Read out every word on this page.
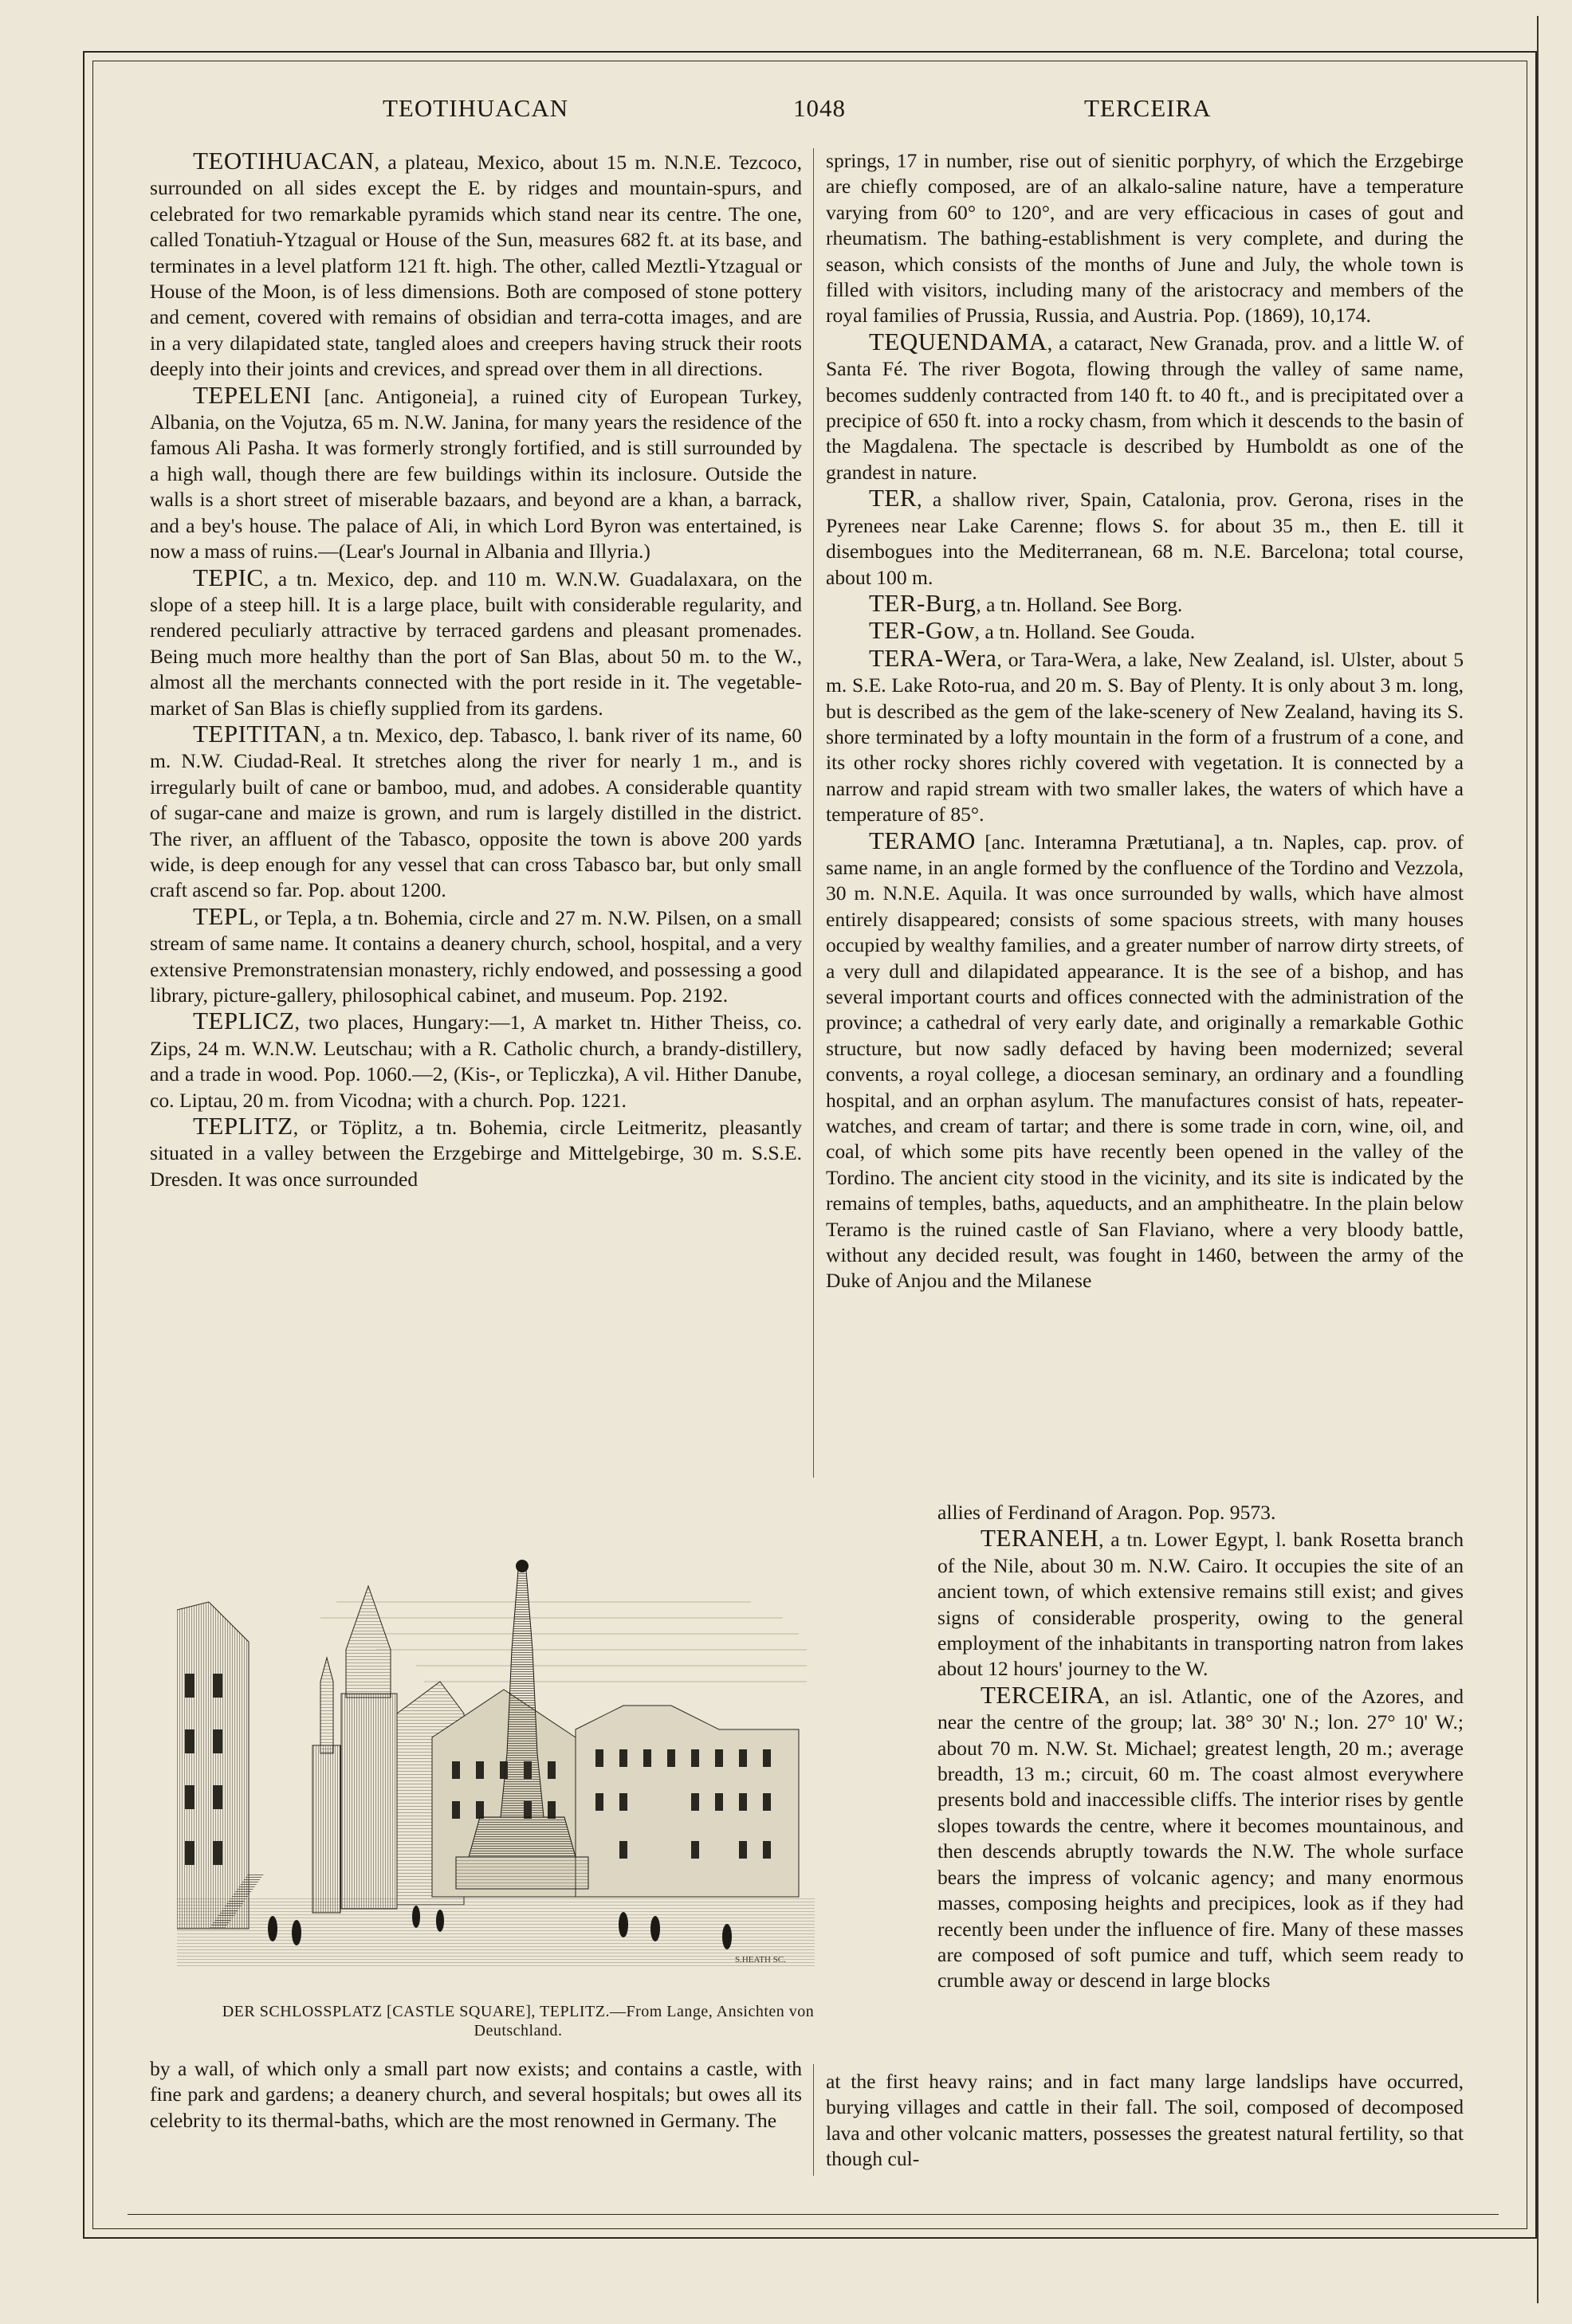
TEOTIHUACAN	1048	TERCEIRA

TEOTIHUACAN, a plateau, Mexico, about 15 m. N.N.E. Tezcoco, surrounded on all sides except the E. by ridges and mountain-spurs, and celebrated for two remarkable pyramids which stand near its centre. The one, called Tonatiuh-Ytzagual or House of the Sun, measures 682 ft. at its base, and terminates in a level platform 121 ft. high. The other, called Meztli-Ytzagual or House of the Moon, is of less dimensions. Both are composed of stone pottery and cement, covered with remains of obsidian and terra-cotta images, and are in a very dilapidated state, tangled aloes and creepers having struck their roots deeply into their joints and crevices, and spread over them in all directions.

TEPELENI [anc. Antigoneia], a ruined city of European Turkey, Albania, on the Vojutza, 65 m. N.W. Janina, for many years the residence of the famous Ali Pasha. It was formerly strongly fortified, and is still surrounded by a high wall, though there are few buildings within its inclosure. Outside the walls is a short street of miserable bazaars, and beyond are a khan, a barrack, and a bey's house. The palace of Ali, in which Lord Byron was entertained, is now a mass of ruins.—(Lear's Journal in Albania and Illyria.)

TEPIC, a tn. Mexico, dep. and 110 m. W.N.W. Guadalaxara, on the slope of a steep hill. It is a large place, built with considerable regularity, and rendered peculiarly attractive by terraced gardens and pleasant promenades. Being much more healthy than the port of San Blas, about 50 m. to the W., almost all the merchants connected with the port reside in it. The vegetable-market of San Blas is chiefly supplied from its gardens.

TEPITITAN, a tn. Mexico, dep. Tabasco, l. bank river of its name, 60 m. N.W. Ciudad-Real. It stretches along the river for nearly 1 m., and is irregularly built of cane or bamboo, mud, and adobes. A considerable quantity of sugar-cane and maize is grown, and rum is largely distilled in the district. The river, an affluent of the Tabasco, opposite the town is above 200 yards wide, is deep enough for any vessel that can cross Tabasco bar, but only small craft ascend so far. Pop. about 1200.

TEPL, or Tepla, a tn. Bohemia, circle and 27 m. N.W. Pilsen, on a small stream of same name. It contains a deanery church, school, hospital, and a very extensive Premonstratensian monastery, richly endowed, and possessing a good library, picture-gallery, philosophical cabinet, and museum. Pop. 2192.

TEPLICZ, two places, Hungary:—1, A market tn. Hither Theiss, co. Zips, 24 m. W.N.W. Leutschau; with a R. Catholic church, a brandy-distillery, and a trade in wood. Pop. 1060.—2, (Kis-, or Tepliczka), A vil. Hither Danube, co. Liptau, 20 m. from Vicodna; with a church. Pop. 1221.

TEPLITZ, or Töplitz, a tn. Bohemia, circle Leitmeritz, pleasantly situated in a valley between the Erzgebirge and Mittelgebirge, 30 m. S.S.E. Dresden. It was once surrounded

springs, 17 in number, rise out of sienitic porphyry, of which the Erzgebirge are chiefly composed, are of an alkalo-saline nature, have a temperature varying from 60° to 120°, and are very efficacious in cases of gout and rheumatism. The bathing-establishment is very complete, and during the season, which consists of the months of June and July, the whole town is filled with visitors, including many of the aristocracy and members of the royal families of Prussia, Russia, and Austria. Pop. (1869), 10,174.

TEQUENDAMA, a cataract, New Granada, prov. and a little W. of Santa Fé. The river Bogota, flowing through the valley of same name, becomes suddenly contracted from 140 ft. to 40 ft., and is precipitated over a precipice of 650 ft. into a rocky chasm, from which it descends to the basin of the Magdalena. The spectacle is described by Humboldt as one of the grandest in nature.

TER, a shallow river, Spain, Catalonia, prov. Gerona, rises in the Pyrenees near Lake Carenne; flows S. for about 35 m., then E. till it disembogues into the Mediterranean, 68 m. N.E. Barcelona; total course, about 100 m.

TER-Burg, a tn. Holland. See Borg.

TER-Gow, a tn. Holland. See Gouda.

TERA-Wera, or Tara-Wera, a lake, New Zealand, isl. Ulster, about 5 m. S.E. Lake Roto-rua, and 20 m. S. Bay of Plenty. It is only about 3 m. long, but is described as the gem of the lake-scenery of New Zealand, having its S. shore terminated by a lofty mountain in the form of a frustrum of a cone, and its other rocky shores richly covered with vegetation. It is connected by a narrow and rapid stream with two smaller lakes, the waters of which have a temperature of 85°.

TERAMO [anc. Interamna Prætutiana], a tn. Naples, cap. prov. of same name, in an angle formed by the confluence of the Tordino and Vezzola, 30 m. N.N.E. Aquila. It was once surrounded by walls, which have almost entirely disappeared; consists of some spacious streets, with many houses occupied by wealthy families, and a greater number of narrow dirty streets, of a very dull and dilapidated appearance. It is the see of a bishop, and has several important courts and offices connected with the administration of the province; a cathedral of very early date, and originally a remarkable Gothic structure, but now sadly defaced by having been modernized; several convents, a royal college, a diocesan seminary, an ordinary and a foundling hospital, and an orphan asylum. The manufactures consist of hats, repeater-watches, and cream of tartar; and there is some trade in corn, wine, oil, and coal, of which some pits have recently been opened in the valley of the Tordino. The ancient city stood in the vicinity, and its site is indicated by the remains of temples, baths, aqueducts, and an amphitheatre. In the plain below Teramo is the ruined castle of San Flaviano, where a very bloody battle, without any decided result, was fought in 1460, between the army of the Duke of Anjou and the Milanese

S.HEATH SC.
DER SCHLOSSPLATZ [CASTLE SQUARE], TEPLITZ.—From Lange, Ansichten von Deutschland.

allies of Ferdinand of Aragon. Pop. 9573.

TERANEH, a tn. Lower Egypt, l. bank Rosetta branch of the Nile, about 30 m. N.W. Cairo. It occupies the site of an ancient town, of which extensive remains still exist; and gives signs of considerable prosperity, owing to the general employment of the inhabitants in transporting natron from lakes about 12 hours' journey to the W.

TERCEIRA, an isl. Atlantic, one of the Azores, and near the centre of the group; lat. 38° 30' N.; lon. 27° 10' W.; about 70 m. N.W. St. Michael; greatest length, 20 m.; average breadth, 13 m.; circuit, 60 m. The coast almost everywhere presents bold and inaccessible cliffs. The interior rises by gentle slopes towards the centre, where it becomes mountainous, and then descends abruptly towards the N.W. The whole surface bears the impress of volcanic agency; and many enormous masses, composing heights and precipices, look as if they had recently been under the influence of fire. Many of these masses are composed of soft pumice and tuff, which seem ready to crumble away or descend in large blocks

by a wall, of which only a small part now exists; and contains a castle, with fine park and gardens; a deanery church, and several hospitals; but owes all its celebrity to its thermal-baths, which are the most renowned in Germany. The

at the first heavy rains; and in fact many large landslips have occurred, burying villages and cattle in their fall. The soil, composed of decomposed lava and other volcanic matters, possesses the greatest natural fertility, so that though cul-
